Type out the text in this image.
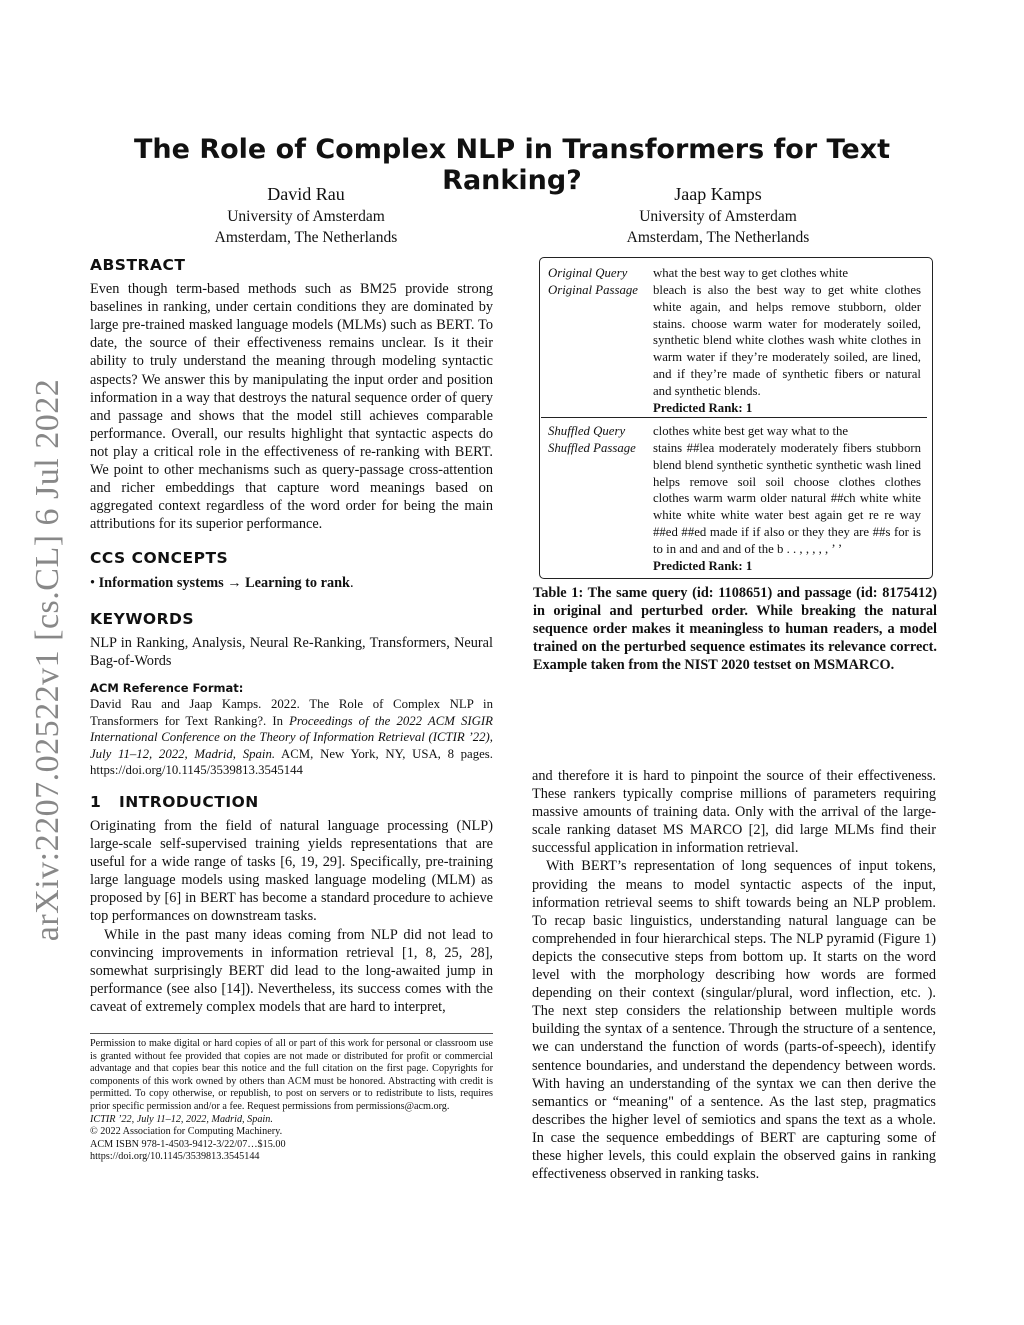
arXiv:2207.02522v1 [cs.CL] 6 Jul 2022
The Role of Complex NLP in Transformers for Text Ranking?
David Rau
University of Amsterdam
Amsterdam, The Netherlands
Jaap Kamps
University of Amsterdam
Amsterdam, The Netherlands
ABSTRACT

Even though term-based methods such as BM25 provide strong baselines in ranking, under certain conditions they are dominated by large pre-trained masked language models (MLMs) such as BERT. To date, the source of their effectiveness remains unclear. Is it their ability to truly understand the meaning through modeling syntactic aspects? We answer this by manipulating the input order and position information in a way that destroys the natural sequence order of query and passage and shows that the model still achieves comparable performance. Overall, our results highlight that syntactic aspects do not play a critical role in the effectiveness of re-ranking with BERT. We point to other mechanisms such as query-passage cross-attention and richer embeddings that capture word meanings based on aggregated context regardless of the word order for being the main attributions for its superior performance.

CCS CONCEPTS

• Information systems → Learning to rank.

KEYWORDS

NLP in Ranking, Analysis, Neural Re-Ranking, Transformers, Neural Bag-of-Words

ACM Reference Format:
David Rau and Jaap Kamps. 2022. The Role of Complex NLP in Transformers for Text Ranking?. In Proceedings of the 2022 ACM SIGIR International Conference on the Theory of Information Retrieval (ICTIR ’22), July 11–12, 2022, Madrid, Spain. ACM, New York, NY, USA, 8 pages. https://doi.org/10.1145/3539813.3545144
1 INTRODUCTION

Originating from the field of natural language processing (NLP) large-scale self-supervised training yields representations that are useful for a wide range of tasks [6, 19, 29]. Specifically, pre-training large language models using masked language modeling (MLM) as proposed by [6] in BERT has become a standard procedure to achieve top performances on downstream tasks.

While in the past many ideas coming from NLP did not lead to convincing improvements in information retrieval [1, 8, 25, 28], somewhat surprisingly BERT did lead to the long-awaited jump in performance (see also [14]). Nevertheless, its success comes with the caveat of extremely complex models that are hard to interpret,

Permission to make digital or hard copies of all or part of this work for personal or classroom use is granted without fee provided that copies are not made or distributed for profit or commercial advantage and that copies bear this notice and the full citation on the first page. Copyrights for components of this work owned by others than ACM must be honored. Abstracting with credit is permitted. To copy otherwise, or republish, to post on servers or to redistribute to lists, requires prior specific permission and/or a fee. Request permissions from permissions@acm.org.

ICTIR ’22, July 11–12, 2022, Madrid, Spain.

© 2022 Association for Computing Machinery.

ACM ISBN 978-1-4503-9412-3/22/07…$15.00

https://doi.org/10.1145/3539813.3545144

Original Query	what the best way to get clothes white
Original Passage	bleach is also the best way to get white clothes white again, and helps remove stubborn, older stains. choose warm water for moderately soiled, synthetic blend white clothes wash white clothes in warm water if they’re moderately soiled, are lined, and if they’re made of synthetic fibers or natural and synthetic blends.
Predicted Rank: 1
Shuffled Query	clothes white best get way what to the
Shuffled Passage	stains ##lea moderately moderately fibers stubborn blend blend synthetic synthetic synthetic wash lined helps remove soil soil choose clothes clothes clothes warm warm older natural ##ch white white white white white water best again get re re way ##ed ##ed made if if also or they they are ##s for is to in and and and of the b . . , , , , , ’ ’
Predicted Rank: 1
Table 1: The same query (id: 1108651) and passage (id: 8175412) in original and perturbed order. While breaking the natural sequence order makes it meaningless to human readers, a model trained on the perturbed sequence estimates its relevance correct. Example taken from the NIST 2020 testset on MSMARCO.

and therefore it is hard to pinpoint the source of their effectiveness. These rankers typically comprise millions of parameters requiring massive amounts of training data. Only with the arrival of the large-scale ranking dataset MS MARCO [2], did large MLMs find their successful application in information retrieval.

With BERT’s representation of long sequences of input tokens, providing the means to model syntactic aspects of the input, information retrieval seems to shift towards being an NLP problem. To recap basic linguistics, understanding natural language can be comprehended in four hierarchical steps. The NLP pyramid (Figure 1) depicts the consecutive steps from bottom up. It starts on the word level with the morphology describing how words are formed depending on their context (singular/plural, word inflection, etc. ). The next step considers the relationship between multiple words building the syntax of a sentence. Through the structure of a sentence, we can understand the function of words (parts-of-speech), identify sentence boundaries, and understand the dependency between words. With having an understanding of the syntax we can then derive the semantics or “meaning" of a sentence. As the last step, pragmatics describes the higher level of semiotics and spans the text as a whole. In case the sequence embeddings of BERT are capturing some of these higher levels, this could explain the observed gains in ranking effectiveness observed in ranking tasks.
